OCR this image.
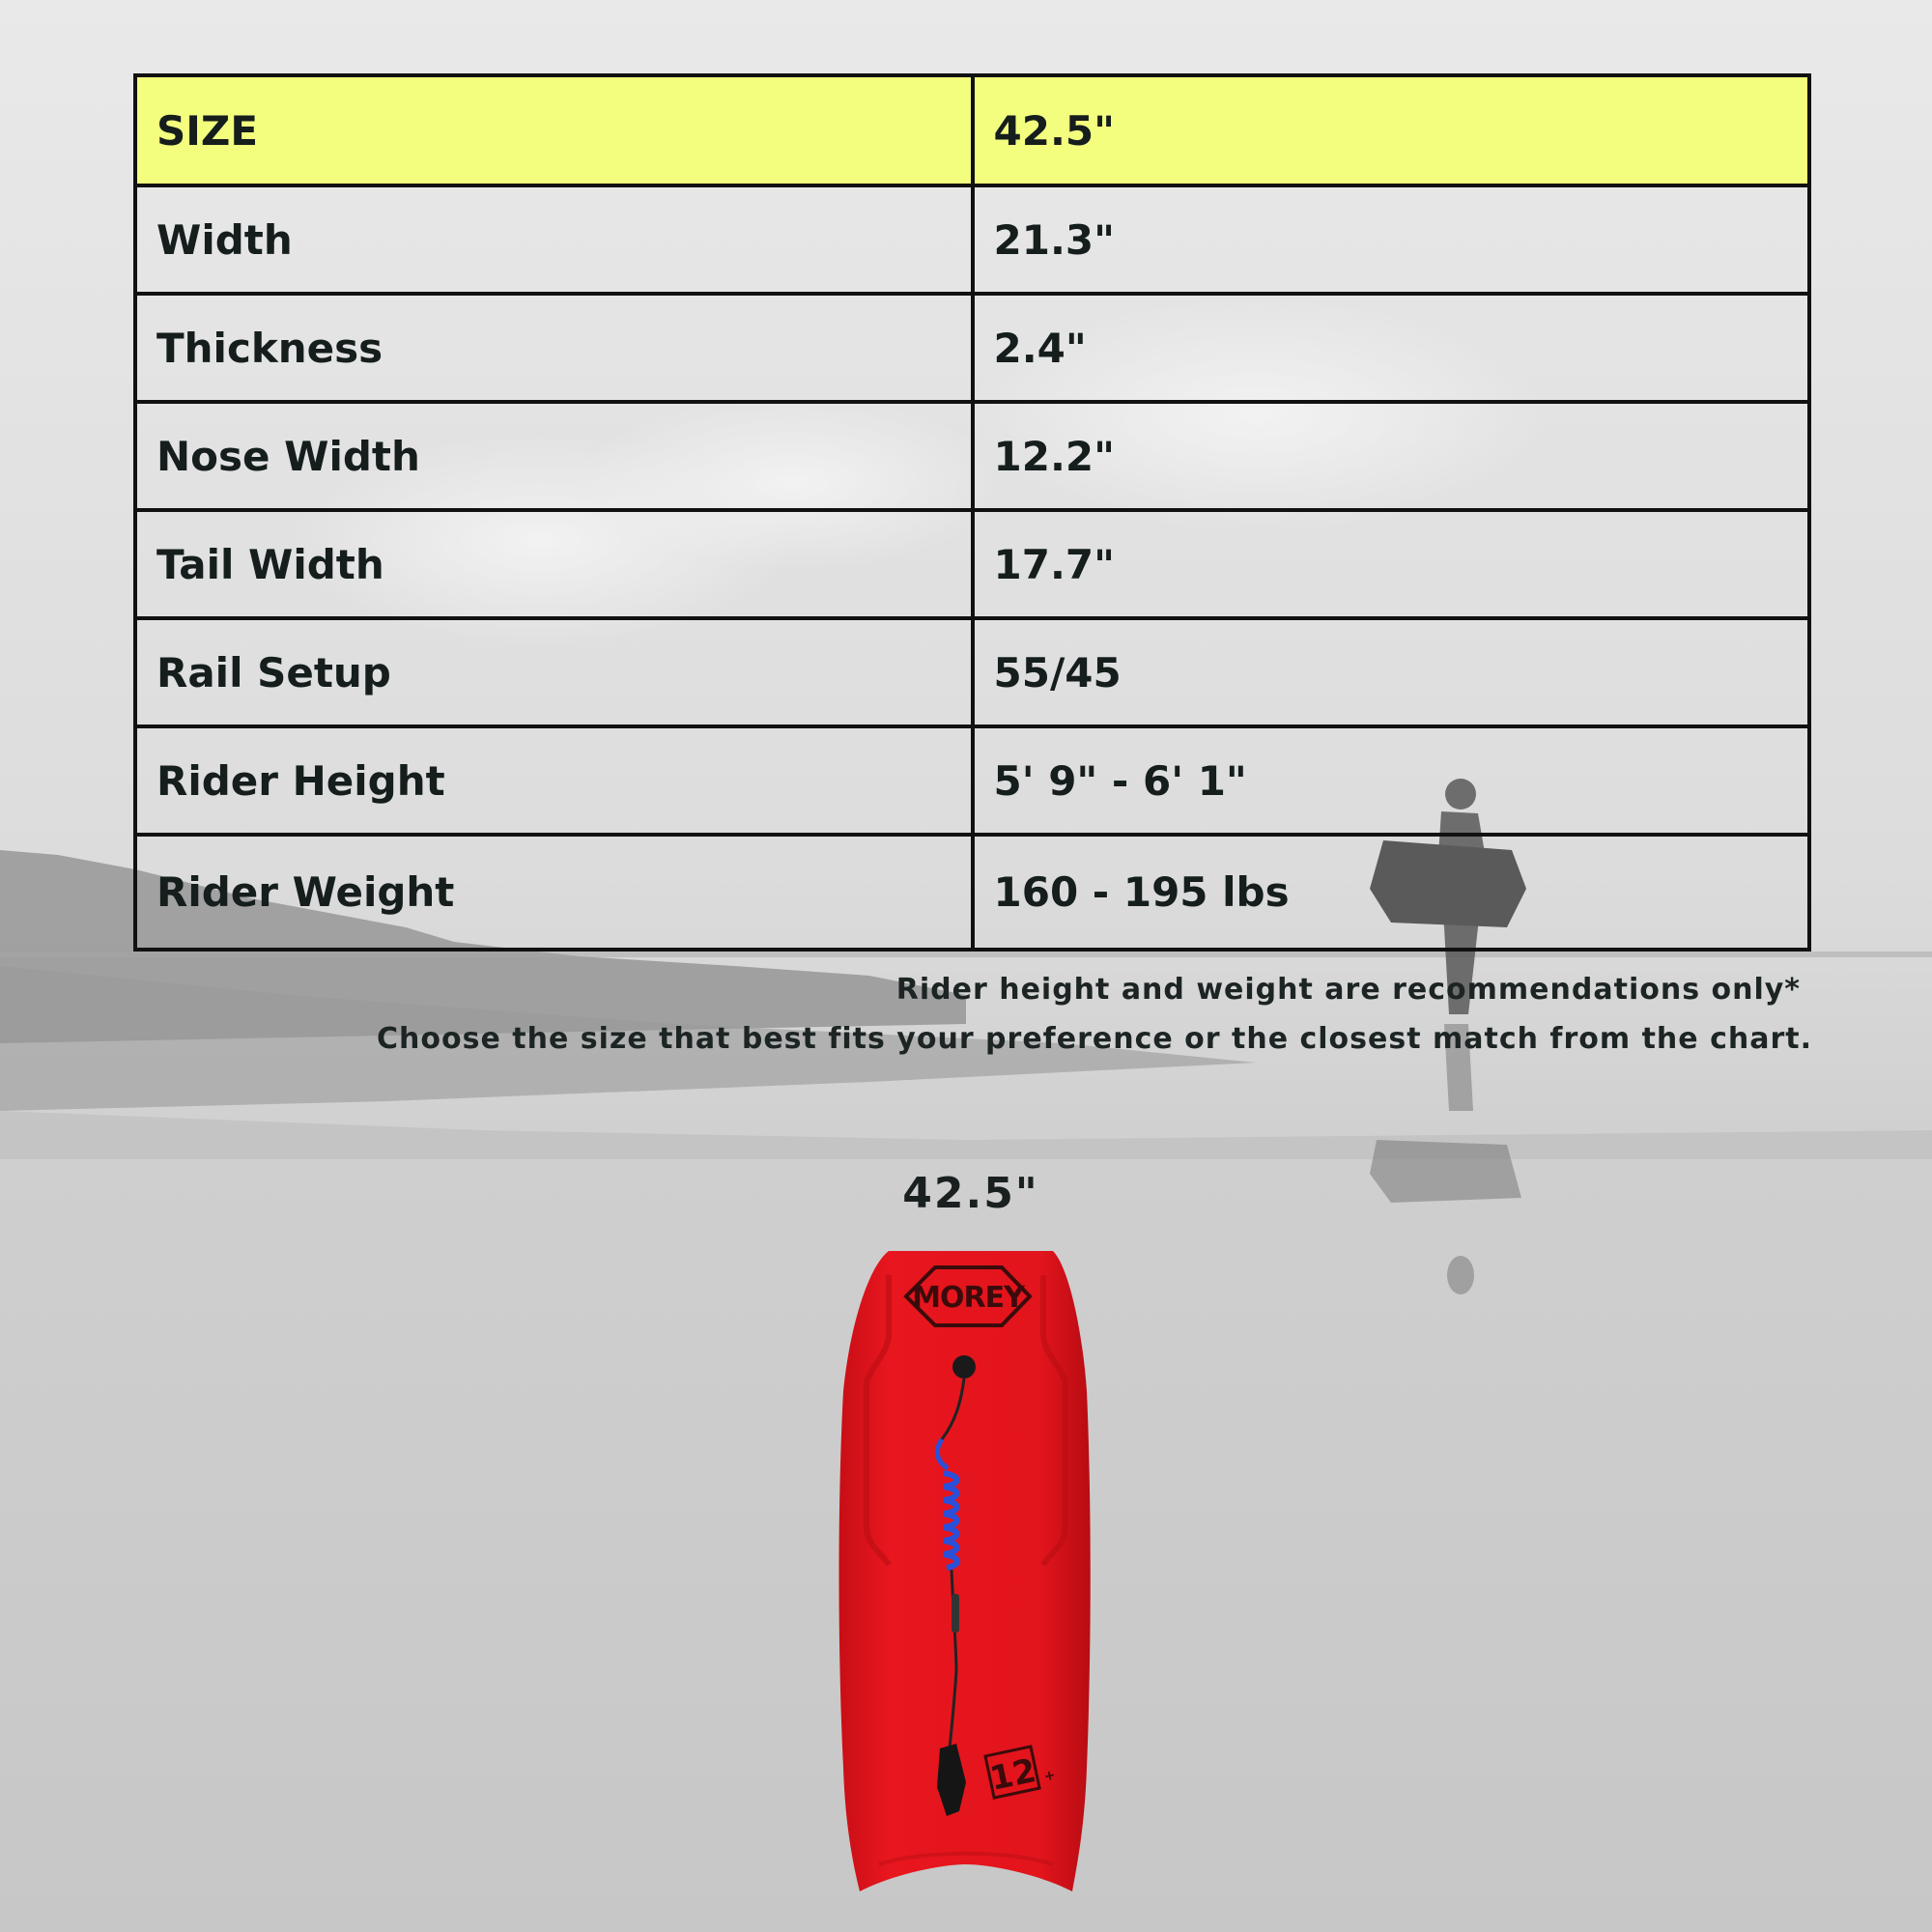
SIZE	42.5"
Width	21.3"
Thickness	2.4"
Nose Width	12.2"
Tail Width	17.7"
Rail Setup	55/45
Rider Height	5' 9" - 6' 1"
Rider Weight	160 - 195 lbs
Rider height and weight are recommendations only*
Choose the size that best fits your preference or the closest match from the chart.
42.5"
MOREY
12 +
